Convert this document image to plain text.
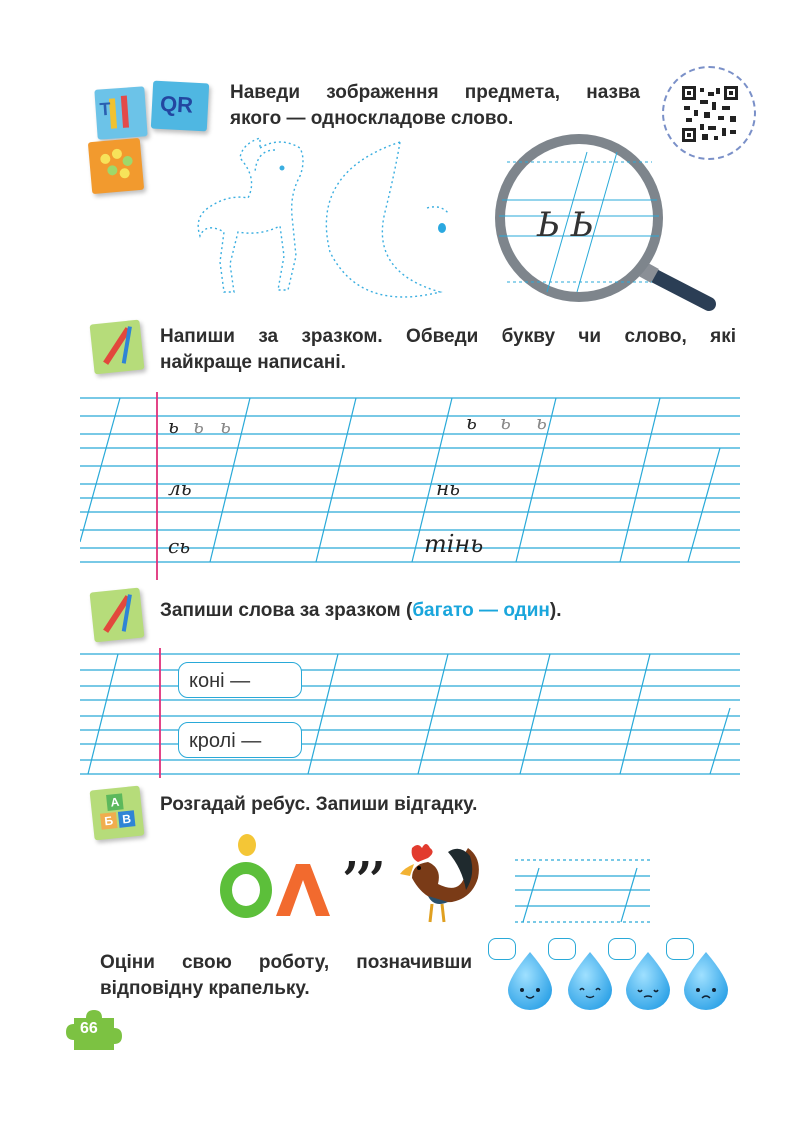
T QR Наведи зображення предмета, назва
якого — односкладове слово.
Ь Ь
Напиши за зразком. Обведи букву чи слово, які
найкраще написані.
ь ь ь	ь ь ь
ль	нь
сь	тінь
Запиши слова за зразком (багато — один).
коні —
кролі —
А
Б В
Розгадай ребус. Запиши відгадку.
,,,
Оціни свою роботу, позначивши
відповідну крапельку.
66
